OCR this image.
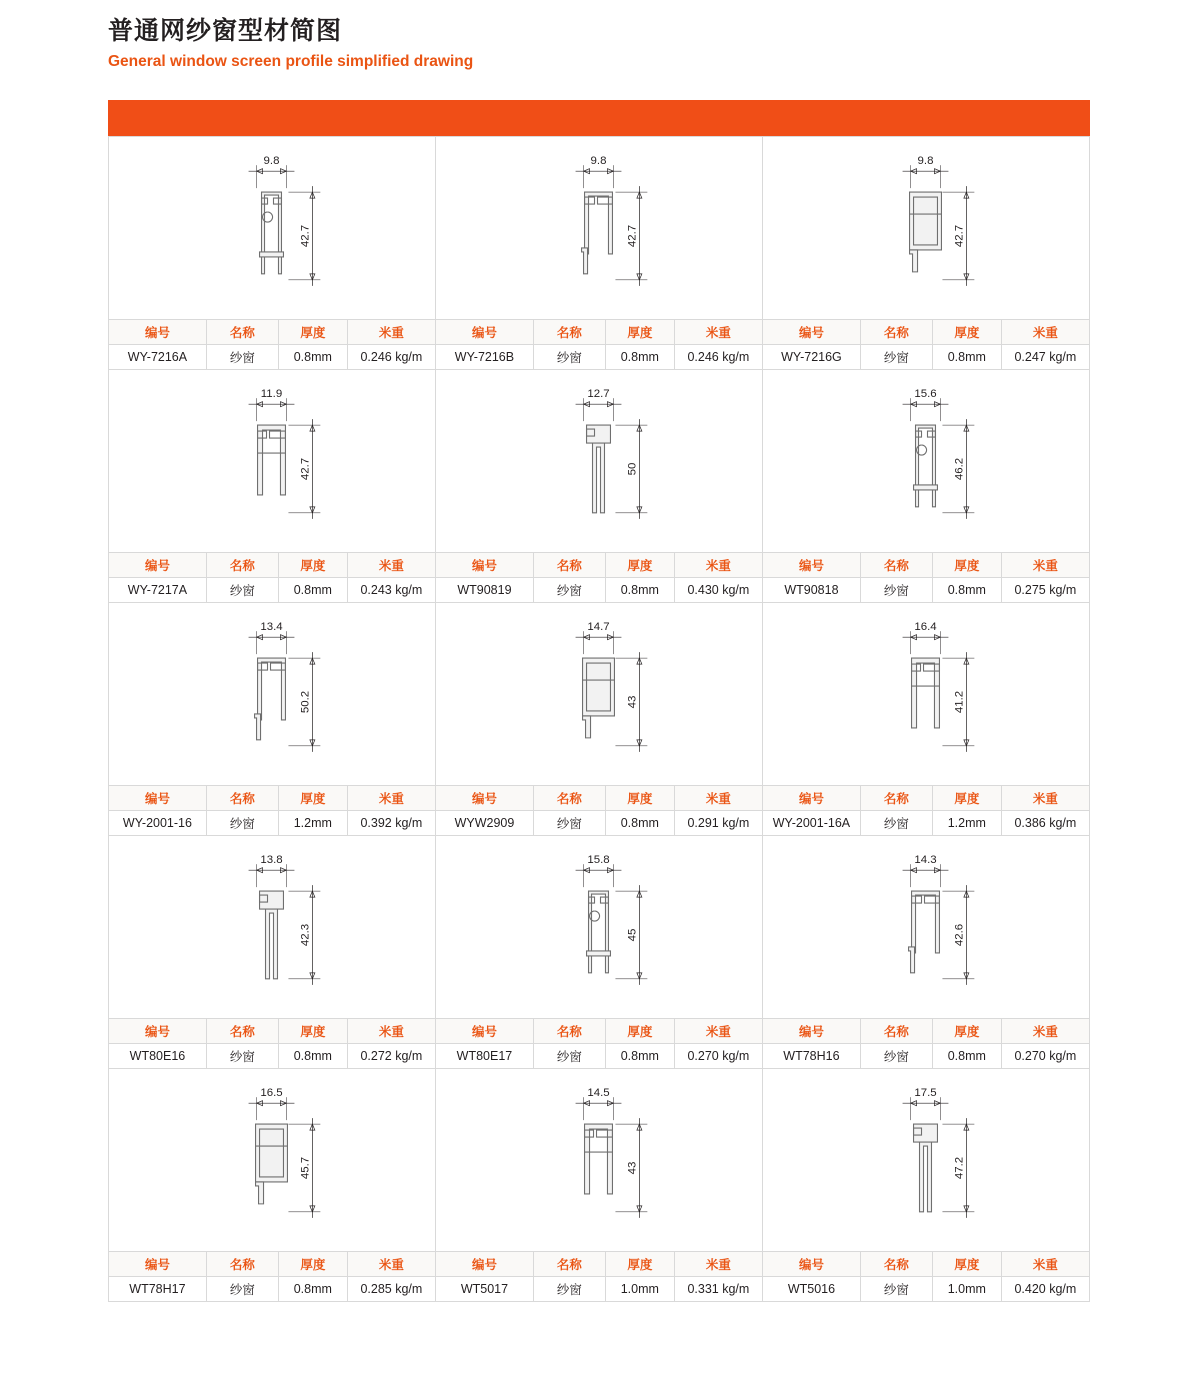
普通网纱窗型材简图

General window screen profile simplified drawing

9.8
42.7
编号	名称	厚度	米重
WY-7216A	纱窗	0.8mm	0.246 kg/m
9.8
42.7
编号	名称	厚度	米重
WY-7216B	纱窗	0.8mm	0.246 kg/m
9.8
42.7
编号	名称	厚度	米重
WY-7216G	纱窗	0.8mm	0.247 kg/m
11.9
42.7
编号	名称	厚度	米重
WY-7217A	纱窗	0.8mm	0.243 kg/m
12.7
50
编号	名称	厚度	米重
WT90819	纱窗	0.8mm	0.430 kg/m
15.6
46.2
编号	名称	厚度	米重
WT90818	纱窗	0.8mm	0.275 kg/m
13.4
50.2
编号	名称	厚度	米重
WY-2001-16	纱窗	1.2mm	0.392 kg/m
14.7
43
编号	名称	厚度	米重
WYW2909	纱窗	0.8mm	0.291 kg/m
16.4
41.2
编号	名称	厚度	米重
WY-2001-16A	纱窗	1.2mm	0.386 kg/m
13.8
42.3
编号	名称	厚度	米重
WT80E16	纱窗	0.8mm	0.272 kg/m
15.8
45
编号	名称	厚度	米重
WT80E17	纱窗	0.8mm	0.270 kg/m
14.3
42.6
编号	名称	厚度	米重
WT78H16	纱窗	0.8mm	0.270 kg/m
16.5
45.7
编号	名称	厚度	米重
WT78H17	纱窗	0.8mm	0.285 kg/m
14.5
43
编号	名称	厚度	米重
WT5017	纱窗	1.0mm	0.331 kg/m
17.5
47.2
编号	名称	厚度	米重
WT5016	纱窗	1.0mm	0.420 kg/m
